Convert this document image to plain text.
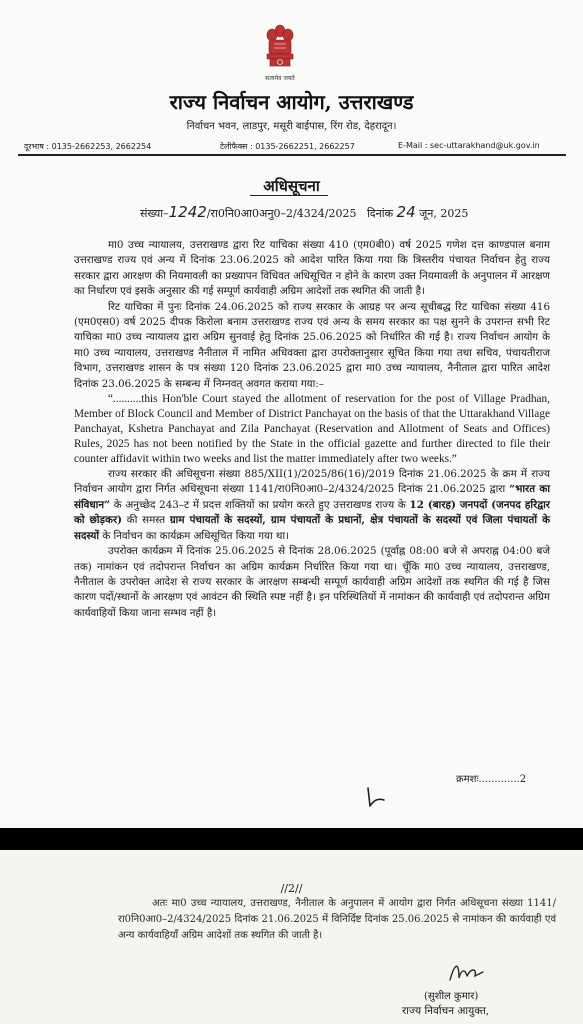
सत्यमेव जयते
राज्य निर्वाचन आयोग, उत्तराखण्ड
निर्वाचन भवन, लाडपुर, मसूरी बाईपास, रिंग रोड, देहरादून।
दूरभाष : 0135-2662253, 2662254	टेलीफैक्स : 0135-2662251, 2662257	E-Mail : sec-uttarakhand@uk.gov.in
अधिसूचना
संख्या–1242/रा0नि0आ0अनु0–2/4324/2025 दिनांक 24 जून, 2025

मा0 उच्च न्यायालय, उत्तराखण्ड द्वारा रिट याचिका संख्या 410 (एम0बी0) वर्ष 2025 गणेश दत्त काण्डपाल बनाम उत्तराखण्ड राज्य एवं अन्य में दिनांक 23.06.2025 को आदेश पारित किया गया कि त्रिस्तरीय पंचायत निर्वाचन हेतु राज्य सरकार द्वारा आरक्षण की नियमावली का प्रख्यापन विधिवत अधिसूचित न होने के कारण उक्त नियमावली के अनुपालन में आरक्षण का निर्धारण एवं इसके अनुसार की गई सम्पूर्ण कार्यवाही अग्रिम आदेशों तक स्थगित की जाती है।

रिट याचिका में पुनः दिनांक 24.06.2025 को राज्य सरकार के आग्रह पर अन्य सूचीबद्ध रिट याचिका संख्या 416 (एम0एस0) वर्ष 2025 दीपक किरोला बनाम उत्तराखण्ड राज्य एवं अन्य के समय सरकार का पक्ष सुनने के उपरान्त सभी रिट याचिका मा0 उच्च न्यायालय द्वारा अग्रिम सुनवाई हेतु दिनांक 25.06.2025 को निर्धारित की गई है। राज्य निर्वाचन आयोग के मा0 उच्च न्यायालय, उत्तराखण्ड नैनीताल में नामित अधिवक्ता द्वारा उपरोक्तानुसार सूचित किया गया तथा सचिव, पंचायतीराज विभाग, उत्तराखण्ड शासन के पत्र संख्या 120 दिनांक 23.06.2025 द्वारा मा0 उच्च न्यायालय, नैनीताल द्वारा पारित आदेश दिनांक 23.06.2025 के सम्बन्ध में निम्नवत् अवगत कराया गया:–

“..........this Hon'ble Court stayed the allotment of reservation for the post of Village Pradhan, Member of Block Council and Member of District Panchayat on the basis of that the Uttarakhand Village Panchayat, Kshetra Panchayat and Zila Panchayat (Reservation and Allotment of Seats and Offices) Rules, 2025 has not been notified by the State in the official gazette and further directed to file their counter affidavit within two weeks and list the matter immediately after two weeks.”

राज्य सरकार की अधिसूचना संख्या 885/XII(1)/2025/86(16)/2019 दिनांक 21.06.2025 के क्रम में राज्य निर्वाचन आयोग द्वारा निर्गत अधिसूचना संख्या 1141/रा0नि0आ0–2/4324/2025 दिनांक 21.06.2025 द्वारा “भारत का संविधान” के अनुच्छेद 243–ट में प्रदत्त शक्तियों का प्रयोग करते हुए उत्तराखण्ड राज्य के 12 (बारह) जनपदों (जनपद हरिद्वार को छोड़कर) की समस्त ग्राम पंचायतों के सदस्यों, ग्राम पंचायतों के प्रधानों, क्षेत्र पंचायतों के सदस्यों एवं जिला पंचायतों के सदस्यों के निर्वाचन का कार्यक्रम अधिसूचित किया गया था।

उपरोक्त कार्यक्रम में दिनांक 25.06.2025 से दिनांक 28.06.2025 (पूर्वाह्न 08:00 बजे से अपराह्न 04:00 बजे तक) नामांकन एवं तदोपरान्त निर्वाचन का अग्रिम कार्यक्रम निर्धारित किया गया था। चूँकि मा0 उच्च न्यायालय, उत्तराखण्ड, नैनीताल के उपरोक्त आदेश से राज्य सरकार के आरक्षण सम्बन्धी सम्पूर्ण कार्यवाही अग्रिम आदेशों तक स्थगित की गई है जिस कारण पदों/स्थानों के आरक्षण एवं आवंटन की स्थिति स्पष्ट नहीं है। इन परिस्थितियों में नामांकन की कार्यवाही एवं तदोपरान्त अग्रिम कार्यवाहियों किया जाना सम्भव नहीं है।

क्रमशः.............2
//2//

अतः मा0 उच्च न्यायालय, उत्तराखण्ड, नैनीताल के अनुपालन में आयोग द्वारा निर्गत अधिसूचना संख्या 1141/रा0नि0आ0–2/4324/2025 दिनांक 21.06.2025 में विनिर्दिष्ट दिनांक 25.06.2025 से नामांकन की कार्यवाही एवं अन्य कार्यवाहियाँ अग्रिम आदेशों तक स्थगित की जाती है।

(सुशील कुमार)
राज्य निर्वाचन आयुक्त,
